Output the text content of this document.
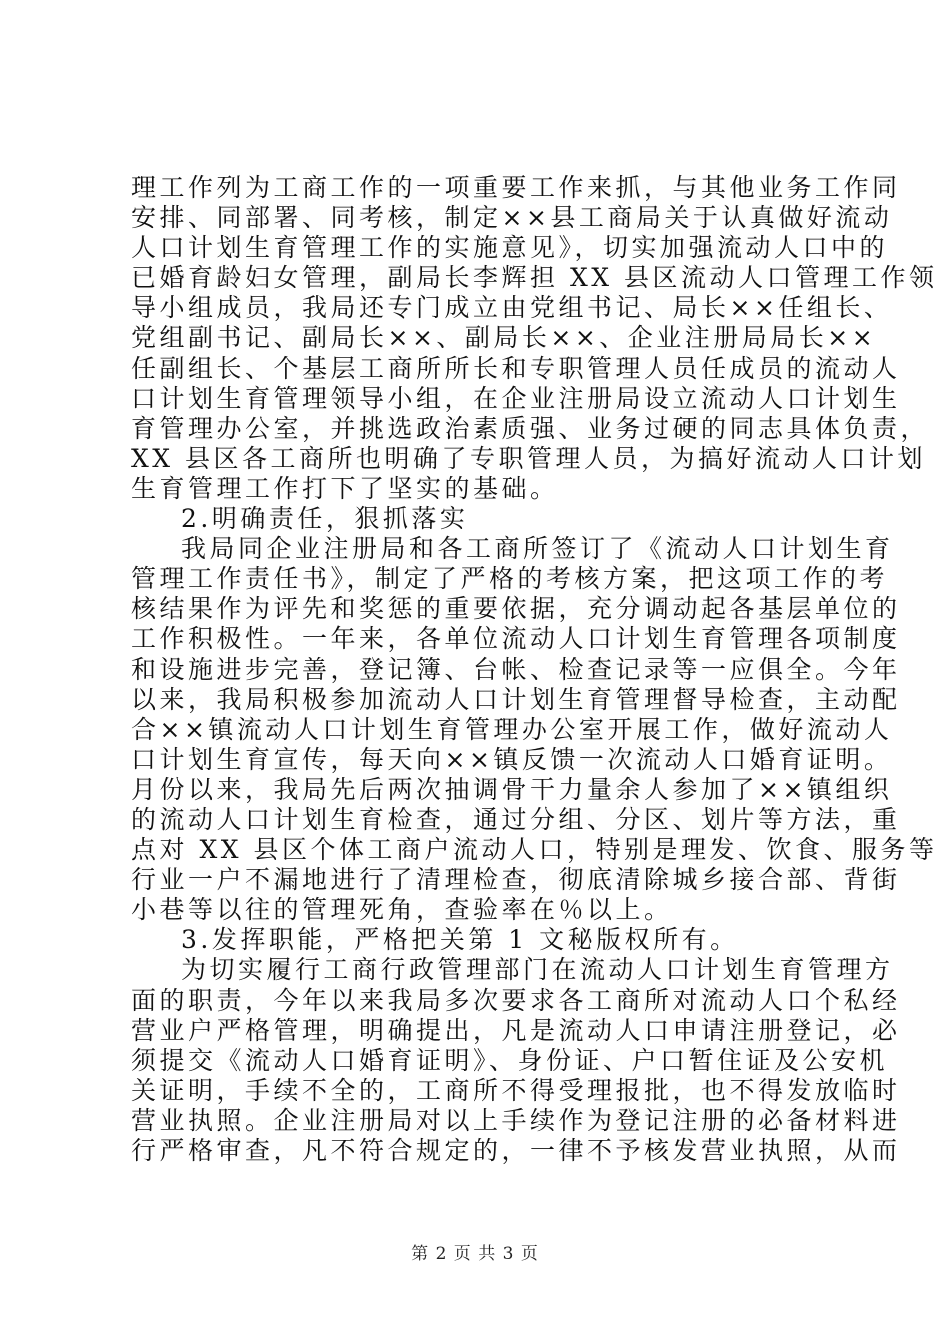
理工作列为工商工作的一项重要工作来抓，与其他业务工作同
安排、同部署、同考核，制定××县工商局关于认真做好流动
人口计划生育管理工作的实施意见》，切实加强流动人口中的
已婚育龄妇女管理，副局长李辉担 XX 县区流动人口管理工作领
导小组成员，我局还专门成立由党组书记、局长××任组长、
党组副书记、副局长××、副局长××、企业注册局局长××
任副组长、个基层工商所所长和专职管理人员任成员的流动人
口计划生育管理领导小组，在企业注册局设立流动人口计划生
育管理办公室，并挑选政治素质强、业务过硬的同志具体负责，
XX 县区各工商所也明确了专职管理人员，为搞好流动人口计划
生育管理工作打下了坚实的基础。
2.明确责任，狠抓落实
我局同企业注册局和各工商所签订了《流动人口计划生育
管理工作责任书》，制定了严格的考核方案，把这项工作的考
核结果作为评先和奖惩的重要依据，充分调动起各基层单位的
工作积极性。一年来，各单位流动人口计划生育管理各项制度
和设施进步完善，登记簿、台帐、检查记录等一应俱全。今年
以来，我局积极参加流动人口计划生育管理督导检查，主动配
合××镇流动人口计划生育管理办公室开展工作，做好流动人
口计划生育宣传，每天向××镇反馈一次流动人口婚育证明。
月份以来，我局先后两次抽调骨干力量余人参加了××镇组织
的流动人口计划生育检查，通过分组、分区、划片等方法，重
点对 XX 县区个体工商户流动人口，特别是理发、饮食、服务等
行业一户不漏地进行了清理检查，彻底清除城乡接合部、背街
小巷等以往的管理死角，查验率在％以上。
3.发挥职能，严格把关第 1 文秘版权所有。
为切实履行工商行政管理部门在流动人口计划生育管理方
面的职责，今年以来我局多次要求各工商所对流动人口个私经
营业户严格管理，明确提出，凡是流动人口申请注册登记，必
须提交《流动人口婚育证明》、身份证、户口暂住证及公安机
关证明，手续不全的，工商所不得受理报批，也不得发放临时
营业执照。企业注册局对以上手续作为登记注册的必备材料进
行严格审查，凡不符合规定的，一律不予核发营业执照，从而
第 2 页 共 3 页
